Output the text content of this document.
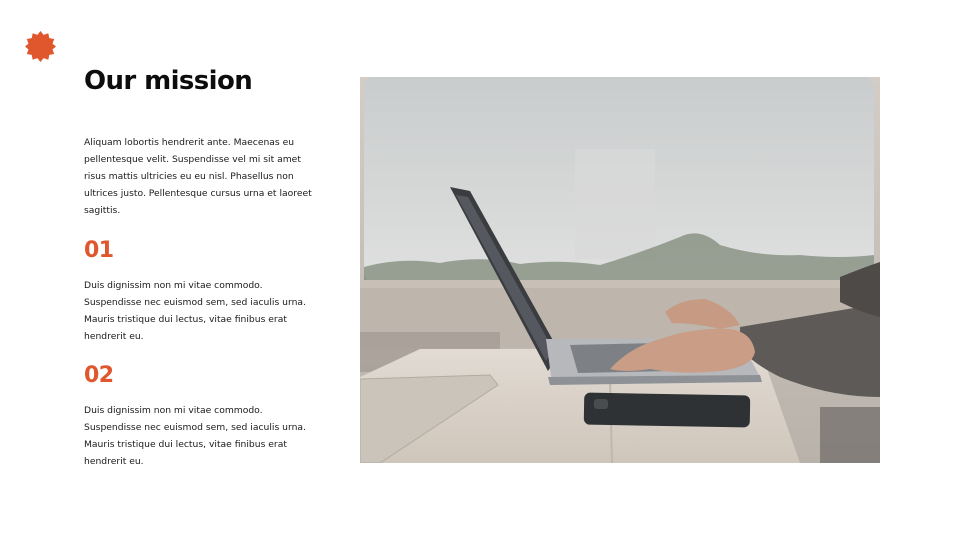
Our mission

Aliquam lobortis hendrerit ante. Maecenas eu pellentesque velit. Suspendisse vel mi sit amet risus mattis ultricies eu eu nisl. Phasellus non ultrices justo. Pellentesque cursus urna et laoreet sagittis.

01

Duis dignissim non mi vitae commodo. Suspendisse nec euismod sem, sed iaculis urna. Mauris tristique dui lectus, vitae finibus erat hendrerit eu.

02

Duis dignissim non mi vitae commodo. Suspendisse nec euismod sem, sed iaculis urna. Mauris tristique dui lectus, vitae finibus erat hendrerit eu.
